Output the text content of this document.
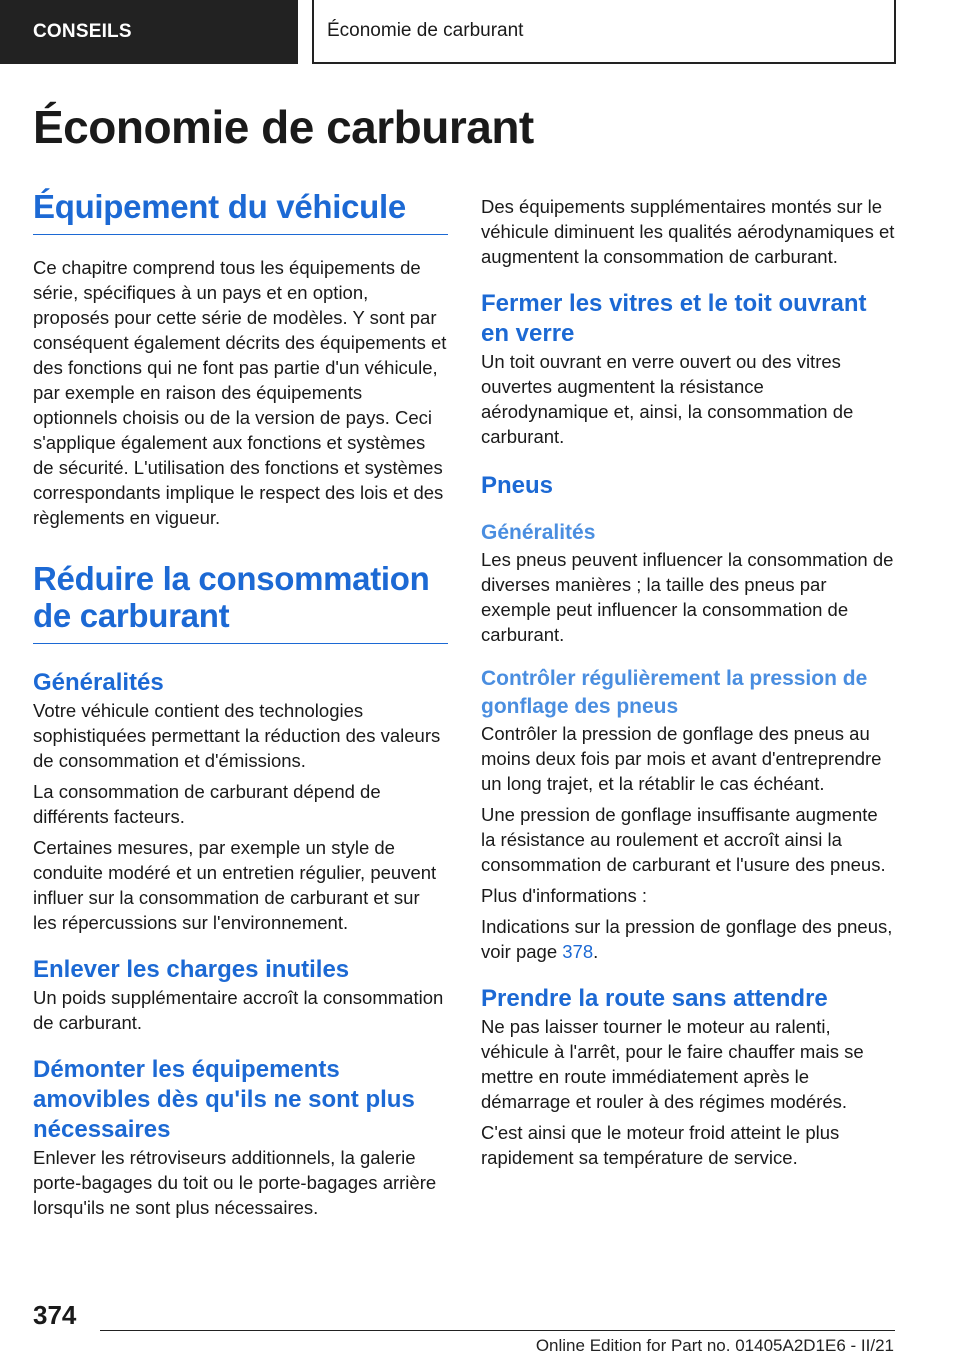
CONSEILS	Économie de carburant
Économie de carburant
Équipement du véhicule

Ce chapitre comprend tous les équipements de série, spécifiques à un pays et en option, proposés pour cette série de modèles. Y sont par conséquent également décrits des équipements et des fonctions qui ne font pas partie d'un véhicule, par exemple en raison des équipements optionnels choisis ou de la version de pays. Ceci s'applique également aux fonctions et systèmes de sécurité. L'utilisation des fonctions et systèmes correspondants implique le respect des lois et des règlements en vigueur.

Réduire la consommation de carburant
Généralités

Votre véhicule contient des technologies sophistiquées permettant la réduction des valeurs de consommation et d'émissions.

La consommation de carburant dépend de différents facteurs.

Certaines mesures, par exemple un style de conduite modéré et un entretien régulier, peuvent influer sur la consommation de carburant et sur les répercussions sur l'environnement.

Enlever les charges inutiles

Un poids supplémentaire accroît la consommation de carburant.

Démonter les équipements amovibles dès qu'ils ne sont plus nécessaires

Enlever les rétroviseurs additionnels, la galerie porte-bagages du toit ou le porte-bagages arrière lorsqu'ils ne sont plus nécessaires.

Des équipements supplémentaires montés sur le véhicule diminuent les qualités aérodynamiques et augmentent la consommation de carburant.

Fermer les vitres et le toit ouvrant en verre

Un toit ouvrant en verre ouvert ou des vitres ouvertes augmentent la résistance aérodynamique et, ainsi, la consommation de carburant.

Pneus
Généralités

Les pneus peuvent influencer la consommation de diverses manières ; la taille des pneus par exemple peut influencer la consommation de carburant.

Contrôler régulièrement la pression de gonflage des pneus

Contrôler la pression de gonflage des pneus au moins deux fois par mois et avant d'entreprendre un long trajet, et la rétablir le cas échéant.

Une pression de gonflage insuffisante augmente la résistance au roulement et accroît ainsi la consommation de carburant et l'usure des pneus.

Plus d'informations :

Indications sur la pression de gonflage des pneus, voir page 378.

Prendre la route sans attendre

Ne pas laisser tourner le moteur au ralenti, véhicule à l'arrêt, pour le faire chauffer mais se mettre en route immédiatement après le démarrage et rouler à des régimes modérés.

C'est ainsi que le moteur froid atteint le plus rapidement sa température de service.

374
Online Edition for Part no. 01405A2D1E6 - II/21
